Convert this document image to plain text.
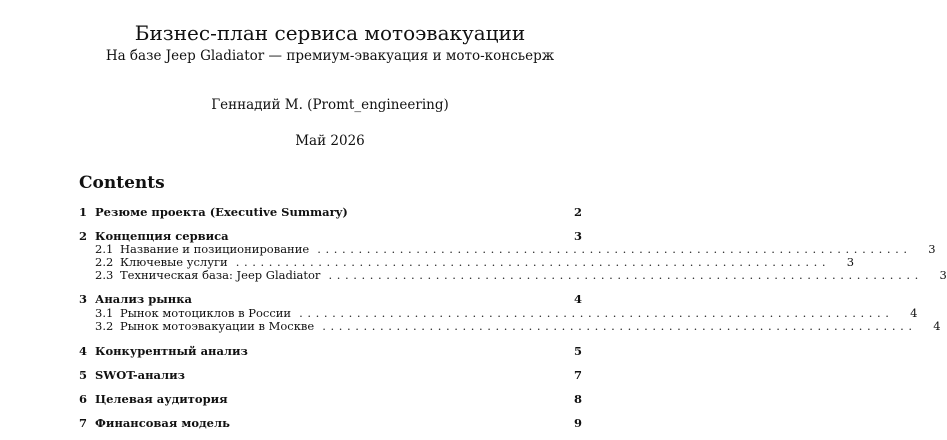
Бизнес-план сервиса мотоэвакуации
На базе Jeep Gladiator — премиум-эвакуация и мото-консьерж
Геннадий М. (Promt_engineering)
Май 2026
Contents
1 Резюме проекта (Executive Summary)	2
2 Концепция сервиса	3
2.1 Название и позиционирование ........................................................................ 3
2.2 Ключевые услуги ........................................................................ 3
2.3 Техническая база: Jeep Gladiator ........................................................................ 3
3 Анализ рынка	4
3.1 Рынок мотоциклов в России ........................................................................ 4
3.2 Рынок мотоэвакуации в Москве ........................................................................ 4
4 Конкурентный анализ	5
5 SWOT-анализ	7
6 Целевая аудитория	8
7 Финансовая модель	9
